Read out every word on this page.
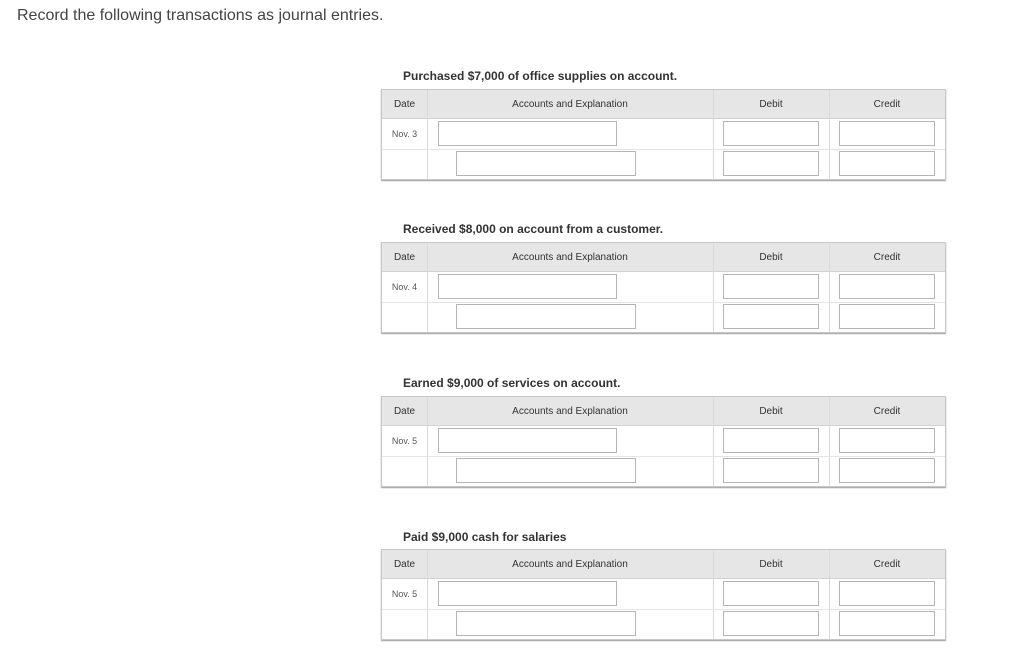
Record the following transactions as journal entries.
Purchased $7,000 of office supplies on account.
Date	Accounts and Explanation	Debit	Credit
Nov. 3
Received $8,000 on account from a customer.
Date	Accounts and Explanation	Debit	Credit
Nov. 4
Earned $9,000 of services on account.
Date	Accounts and Explanation	Debit	Credit
Nov. 5
Paid $9,000 cash for salaries
Date	Accounts and Explanation	Debit	Credit
Nov. 5
